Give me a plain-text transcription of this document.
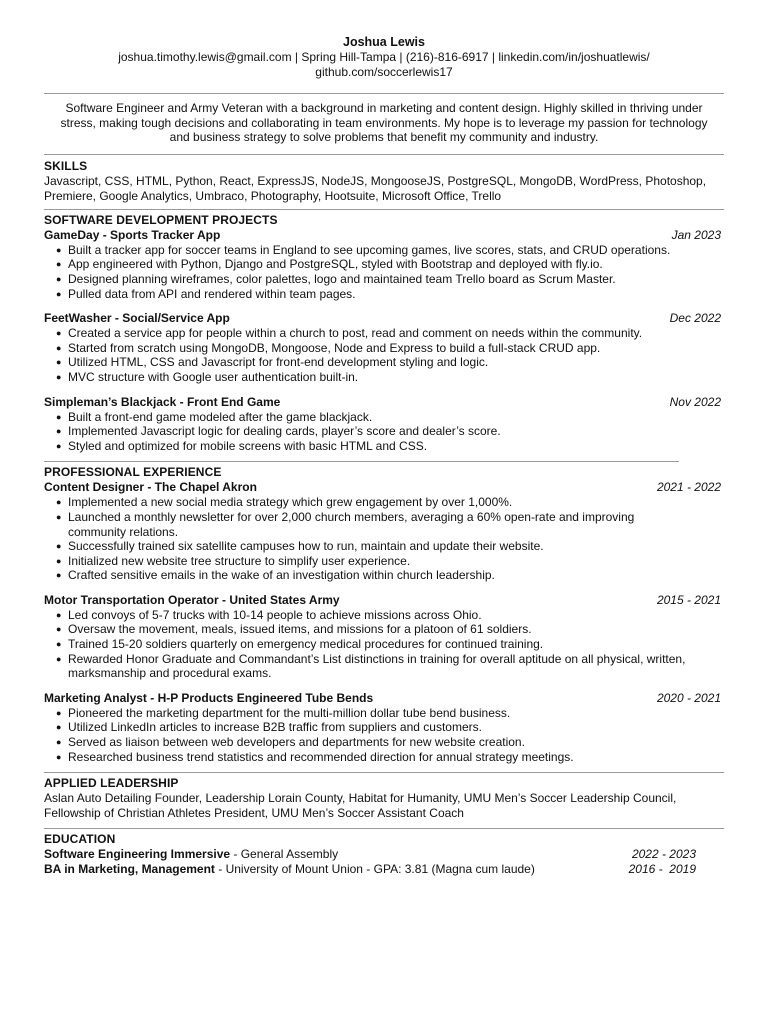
Joshua Lewis
joshua.timothy.lewis@gmail.com | Spring Hill-Tampa | (216)-816-6917 | linkedin.com/in/joshuatlewis/
github.com/soccerlewis17
Software Engineer and Army Veteran with a background in marketing and content design. Highly skilled in thriving under stress, making tough decisions and collaborating in team environments. My hope is to leverage my passion for technology and business strategy to solve problems that benefit my community and industry.
SKILLS
Javascript, CSS, HTML, Python, React, ExpressJS, NodeJS, MongooseJS, PostgreSQL, MongoDB, WordPress, Photoshop, Premiere, Google Analytics, Umbraco, Photography, Hootsuite, Microsoft Office, Trello
SOFTWARE DEVELOPMENT PROJECTS
GameDay - Sports Tracker App	Jan 2023
● Built a tracker app for soccer teams in England to see upcoming games, live scores, stats, and CRUD operations.
● App engineered with Python, Django and PostgreSQL, styled with Bootstrap and deployed with fly.io.
● Designed planning wireframes, color palettes, logo and maintained team Trello board as Scrum Master.
● Pulled data from API and rendered within team pages.
FeetWasher - Social/Service App	Dec 2022
● Created a service app for people within a church to post, read and comment on needs within the community.
● Started from scratch using MongoDB, Mongoose, Node and Express to build a full-stack CRUD app.
● Utilized HTML, CSS and Javascript for front-end development styling and logic.
● MVC structure with Google user authentication built-in.
Simpleman’s Blackjack - Front End Game	Nov 2022
● Built a front-end game modeled after the game blackjack.
● Implemented Javascript logic for dealing cards, player’s score and dealer’s score.
● Styled and optimized for mobile screens with basic HTML and CSS.
PROFESSIONAL EXPERIENCE
Content Designer - The Chapel Akron	2021 - 2022
● Implemented a new social media strategy which grew engagement by over 1,000%.
● Launched a monthly newsletter for over 2,000 church members, averaging a 60% open-rate and improving community relations.
● Successfully trained six satellite campuses how to run, maintain and update their website.
● Initialized new website tree structure to simplify user experience.
● Crafted sensitive emails in the wake of an investigation within church leadership.
Motor Transportation Operator - United States Army	2015 - 2021
● Led convoys of 5-7 trucks with 10-14 people to achieve missions across Ohio.
● Oversaw the movement, meals, issued items, and missions for a platoon of 61 soldiers.
● Trained 15-20 soldiers quarterly on emergency medical procedures for continued training.
● Rewarded Honor Graduate and Commandant’s List distinctions in training for overall aptitude on all physical, written, marksmanship and procedural exams.
Marketing Analyst - H-P Products Engineered Tube Bends	2020 - 2021
● Pioneered the marketing department for the multi-million dollar tube bend business.
● Utilized LinkedIn articles to increase B2B traffic from suppliers and customers.
● Served as liaison between web developers and departments for new website creation.
● Researched business trend statistics and recommended direction for annual strategy meetings.
APPLIED LEADERSHIP
Aslan Auto Detailing Founder, Leadership Lorain County, Habitat for Humanity, UMU Men’s Soccer Leadership Council, Fellowship of Christian Athletes President, UMU Men’s Soccer Assistant Coach
EDUCATION
Software Engineering Immersive - General Assembly	2022 - 2023
BA in Marketing, Management - University of Mount Union - GPA: 3.81 (Magna cum laude)	2016 -  2019
